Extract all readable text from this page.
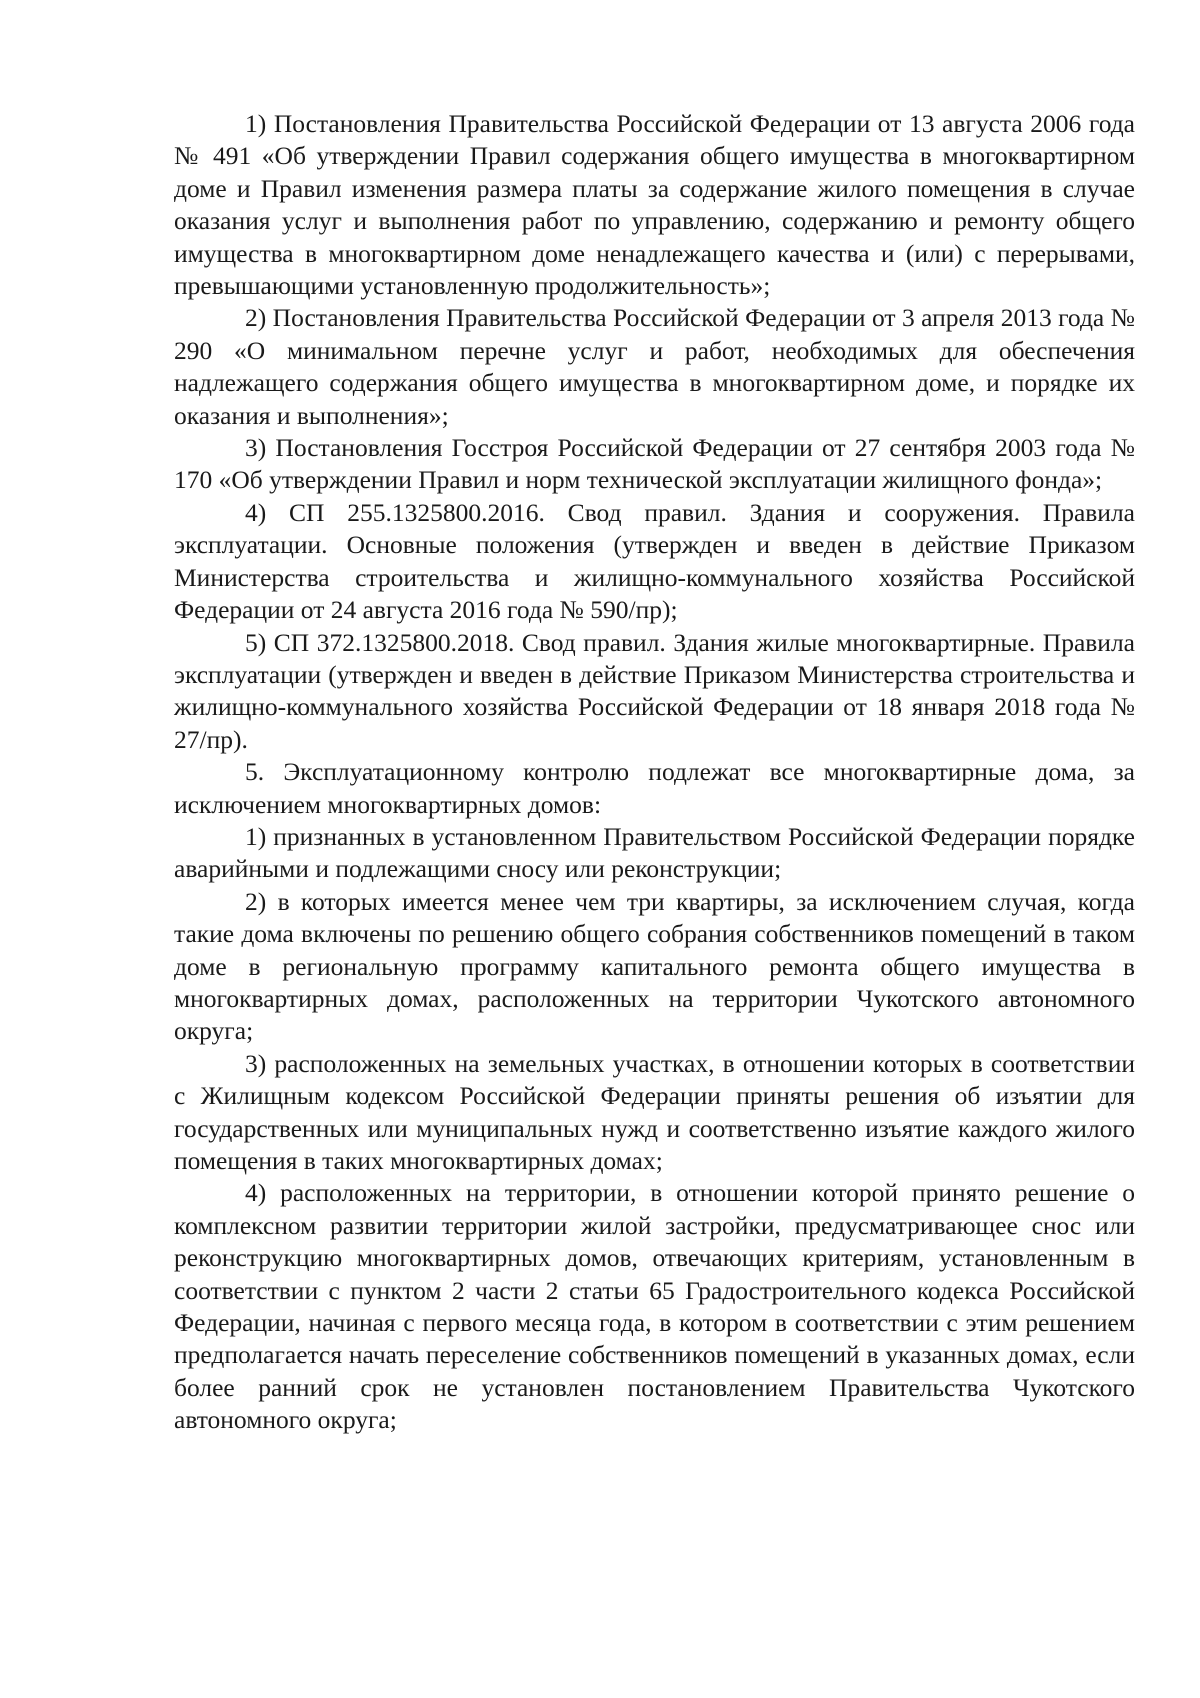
1) Постановления Правительства Российской Федерации от 13 августа 2006 года № 491 «Об утверждении Правил содержания общего имущества в многоквартирном доме и Правил изменения размера платы за содержание жилого помещения в случае оказания услуг и выполнения работ по управлению, содержанию и ремонту общего имущества в многоквартирном доме ненадлежащего качества и (или) с перерывами, превышающими установленную продолжительность»;

2) Постановления Правительства Российской Федерации от 3 апреля 2013 года № 290 «О минимальном перечне услуг и работ, необходимых для обеспечения надлежащего содержания общего имущества в многоквартирном доме, и порядке их оказания и выполнения»;

3) Постановления Госстроя Российской Федерации от 27 сентября 2003 года № 170 «Об утверждении Правил и норм технической эксплуатации жилищного фонда»;

4) СП 255.1325800.2016. Свод правил. Здания и сооружения. Правила эксплуатации. Основные положения (утвержден и введен в действие Приказом Министерства строительства и жилищно-коммунального хозяйства Российской Федерации от 24 августа 2016 года № 590/пр);

5) СП 372.1325800.2018. Свод правил. Здания жилые многоквартирные. Правила эксплуатации (утвержден и введен в действие Приказом Министерства строительства и жилищно-коммунального хозяйства Российской Федерации от 18 января 2018 года № 27/пр).

5. Эксплуатационному контролю подлежат все многоквартирные дома, за исключением многоквартирных домов:

1) признанных в установленном Правительством Российской Федерации порядке аварийными и подлежащими сносу или реконструкции;

2) в которых имеется менее чем три квартиры, за исключением случая, когда такие дома включены по решению общего собрания собственников помещений в таком доме в региональную программу капитального ремонта общего имущества в многоквартирных домах, расположенных на территории Чукотского автономного округа;

3) расположенных на земельных участках, в отношении которых в соответствии с Жилищным кодексом Российской Федерации приняты решения об изъятии для государственных или муниципальных нужд и соответственно изъятие каждого жилого помещения в таких многоквартирных домах;

4) расположенных на территории, в отношении которой принято решение о комплексном развитии территории жилой застройки, предусматривающее снос или реконструкцию многоквартирных домов, отвечающих критериям, установленным в соответствии с пунктом 2 части 2 статьи 65 Градостроительного кодекса Российской Федерации, начиная с первого месяца года, в котором в соответствии с этим решением предполагается начать переселение собственников помещений в указанных домах, если более ранний срок не установлен постановлением Правительства Чукотского автономного округа;
